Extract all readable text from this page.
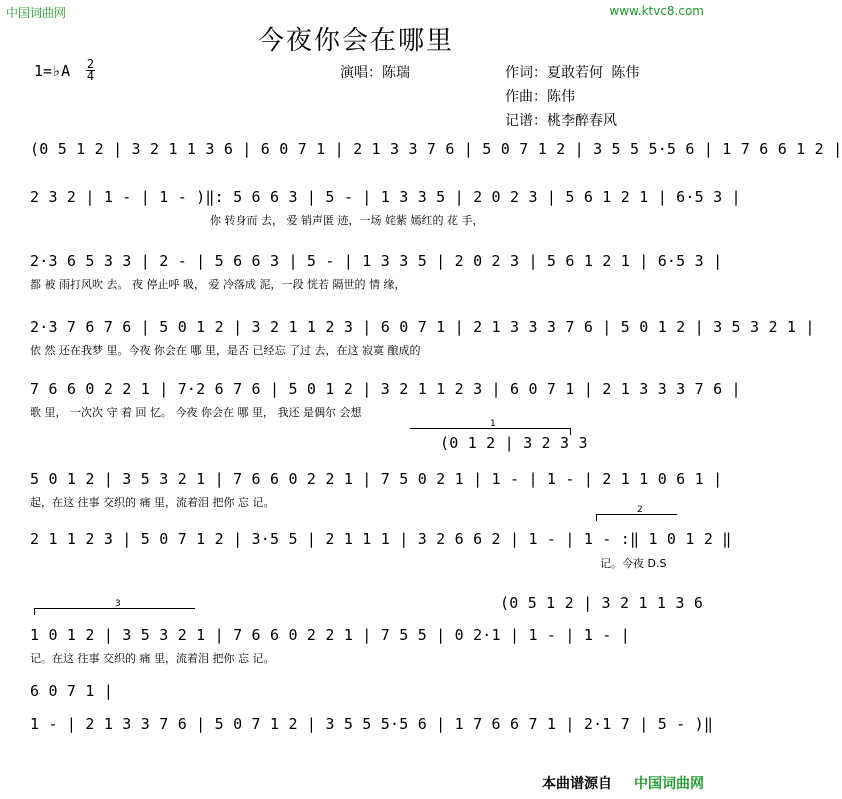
中国词曲网	www.ktvc8.com
今夜你会在哪里
1=♭A 2
4	演唱：陈瑞	作词：夏敢若何 陈伟
作曲：陈伟
记谱：桃李醉春风
(0 5 1 2 | 3 2 1 1 3 6 | 6 0 7 1 | 2 1 3 3 7 6 | 5 0 7 1 2 | 3 5 5 5·5 6 | 1 7 6 6 1 2 |
2 3 2 | 1 - | 1 - )‖: 5 6 6 3 | 5 - | 1 3 3 5 | 2 0 2 3 | 5 6 1 2 1 | 6·5 3 |
你 转身而 去， 爱 销声匿 迹，一场 姹紫 嫣红的 花 手，
2·3 6 5 3 3 | 2 - | 5 6 6 3 | 5 - | 1 3 3 5 | 2 0 2 3 | 5 6 1 2 1 | 6·5 3 |
都 被 雨打风吹 去。 夜 停止呼 吸， 爱 冷落成 泥，一段 恍若 隔世的 情 缘，
2·3 7 6 7 6 | 5 0 1 2 | 3 2 1 1 2 3 | 6 0 7 1 | 2 1 3 3 3 7 6 | 5 0 1 2 | 3 5 3 2 1 |
依 然 还在我梦 里。今夜 你会在 哪 里，是否 已经忘 了过 去，在这 寂寞 酿成的
7 6 6 0 2 2 1 | 7·2 6 7 6 | 5 0 1 2 | 3 2 1 1 2 3 | 6 0 7 1 | 2 1 3 3 3 7 6 |
歌 里， 一次次 守 着 回 忆。 今夜 你会在 哪 里， 我还 是偶尔 会想
1
(0 1 2 | 3 2 3 3
5 0 1 2 | 3 5 3 2 1 | 7 6 6 0 2 2 1 | 7 5 0 2 1 | 1 - | 1 - | 2 1 1 0 6 1 |
起，在这 往事 交织的 痛 里，流着泪 把你 忘 记。
2
2 1 1 2 3 | 5 0 7 1 2 | 3·5 5 | 2 1 1 1 | 3 2 6 6 2 | 1 - | 1 - :‖ 1 0 1 2 ‖
记。今夜 D.S
3	(0 5 1 2 | 3 2 1 1 3 6
1 0 1 2 | 3 5 3 2 1 | 7 6 6 0 2 2 1 | 7 5 5 | 0 2·1 | 1 - | 1 - |
记。在这 往事 交织的 痛 里，流着泪 把你 忘 记。
6 0 7 1 |
1 - | 2 1 3 3 7 6 | 5 0 7 1 2 | 3 5 5 5·5 6 | 1 7 6 6 7 1 | 2·1 7 | 5 - )‖
本曲谱源自 中国词曲网
